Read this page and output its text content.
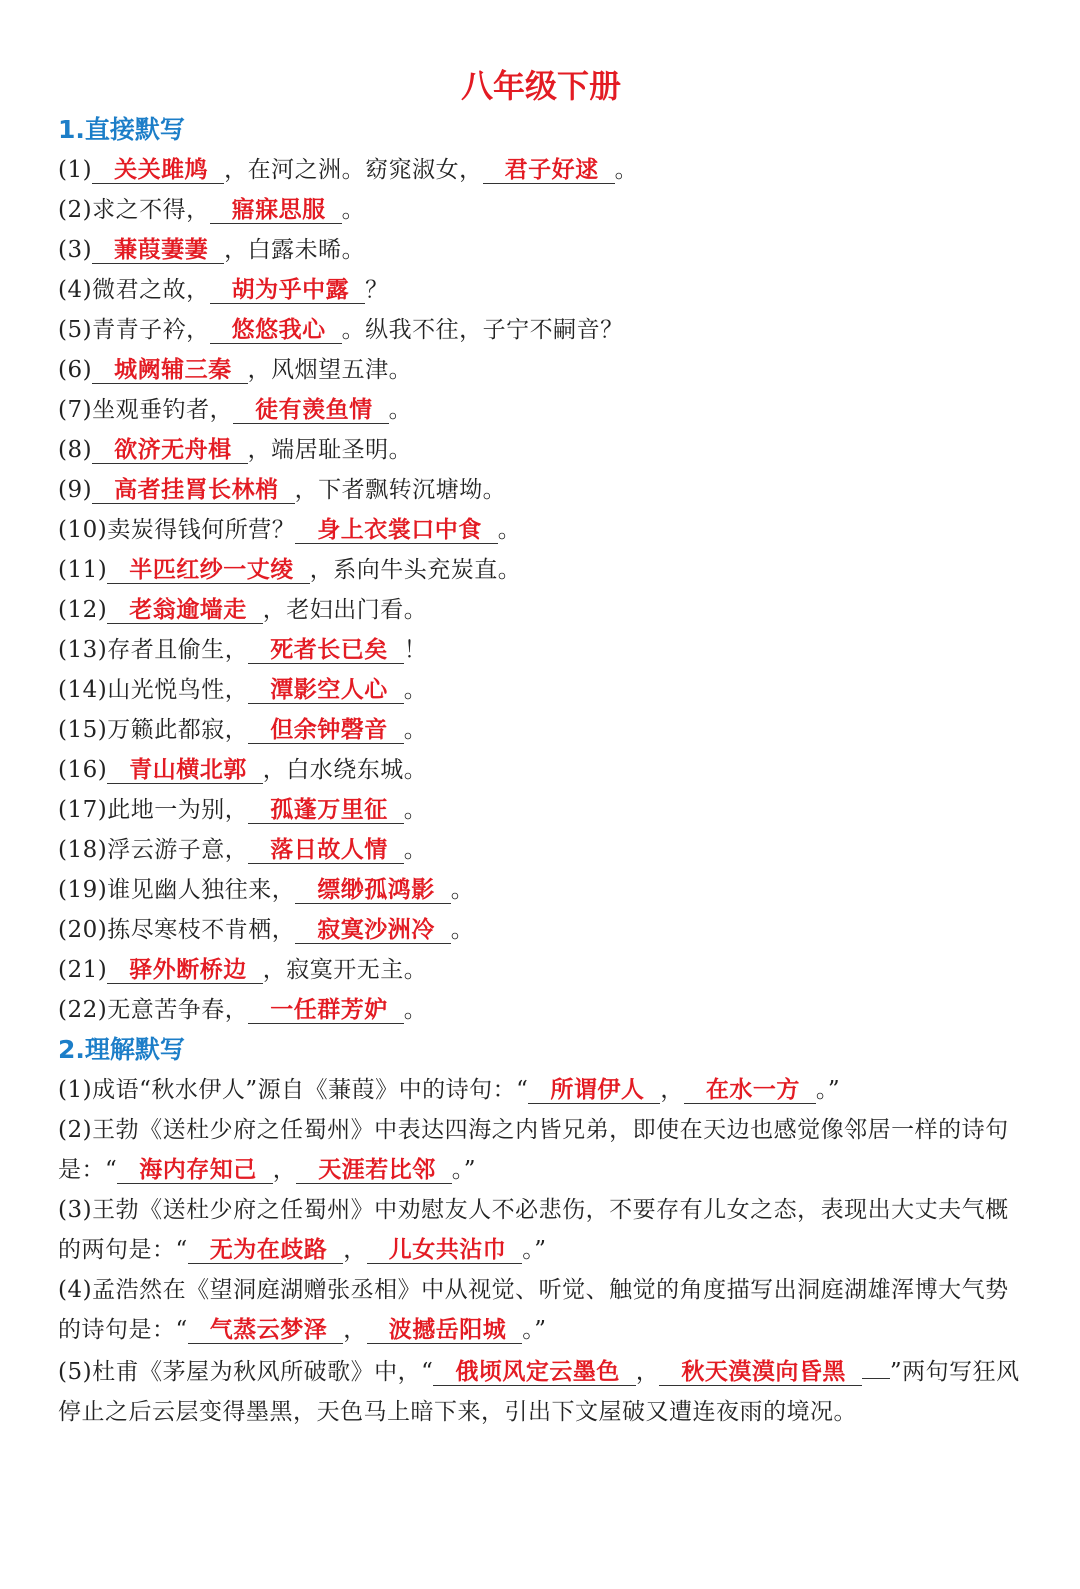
八年级下册
1.直接默写
(1) 关关雎鸠 ，在河之洲。窈窕淑女， 君子好逑 。
(2)求之不得， 寤寐思服 。
(3) 蒹葭萋萋 ，白露未晞。
(4)微君之故， 胡为乎中露 ？
(5)青青子衿， 悠悠我心 。纵我不往，子宁不嗣音？
(6) 城阙辅三秦 ，风烟望五津。
(7)坐观垂钓者， 徒有羡鱼情 。
(8) 欲济无舟楫 ，端居耻圣明。
(9) 高者挂罥长林梢 ，下者飘转沉塘坳。
(10)卖炭得钱何所营？ 身上衣裳口中食 。
(11) 半匹红纱一丈绫 ，系向牛头充炭直。
(12) 老翁逾墙走 ，老妇出门看。
(13)存者且偷生， 死者长已矣 ！
(14)山光悦鸟性， 潭影空人心 。
(15)万籁此都寂， 但余钟磬音 。
(16) 青山横北郭 ，白水绕东城。
(17)此地一为别， 孤蓬万里征 。
(18)浮云游子意， 落日故人情 。
(19)谁见幽人独往来， 缥缈孤鸿影 。
(20)拣尽寒枝不肯栖， 寂寞沙洲冷 。
(21) 驿外断桥边 ，寂寞开无主。
(22)无意苦争春， 一任群芳妒 。
2.理解默写
(1)成语“秋水伊人”源自《蒹葭》中的诗句：“ 所谓伊人 ， 在水一方 。”
(2)王勃《送杜少府之任蜀州》中表达四海之内皆兄弟，即使在天边也感觉像邻居一样的诗句是：“ 海内存知己 ， 天涯若比邻 。”
(3)王勃《送杜少府之任蜀州》中劝慰友人不必悲伤，不要存有儿女之态，表现出大丈夫气概的两句是：“ 无为在歧路 ， 儿女共沾巾 。”
(4)孟浩然在《望洞庭湖赠张丞相》中从视觉、听觉、触觉的角度描写出洞庭湖雄浑博大气势的诗句是：“ 气蒸云梦泽 ， 波撼岳阳城 。”
(5)杜甫《茅屋为秋风所破歌》中，“ 俄顷风定云墨色 ， 秋天漠漠向昏黑 ”两句写狂风停止之后云层变得墨黑，天色马上暗下来，引出下文屋破又遭连夜雨的境况。
